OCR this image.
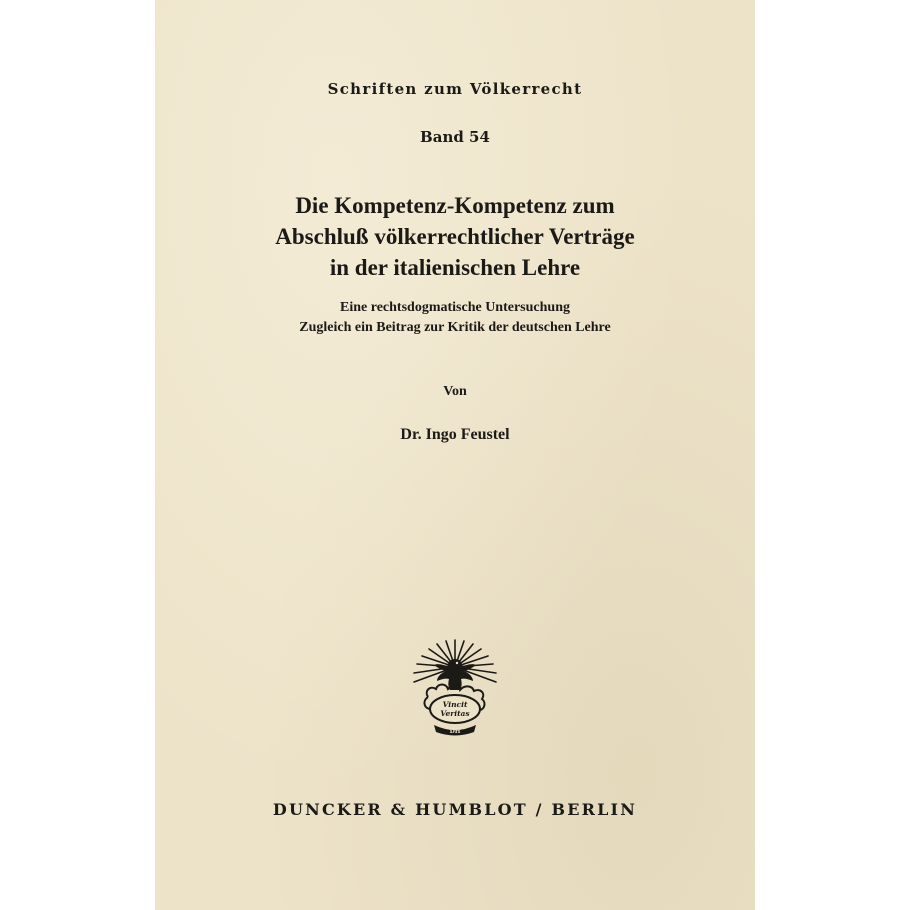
Schriften zum Völkerrecht
Band 54
Die Kompetenz-Kompetenz zum
Abschluß völkerrechtlicher Verträge
in der italienischen Lehre
Eine rechtsdogmatische Untersuchung
Zugleich ein Beitrag zur Kritik der deutschen Lehre
Von
Dr. Ingo Feustel
Vincit
Veritas
DH
DUNCKER & HUMBLOT / BERLIN
